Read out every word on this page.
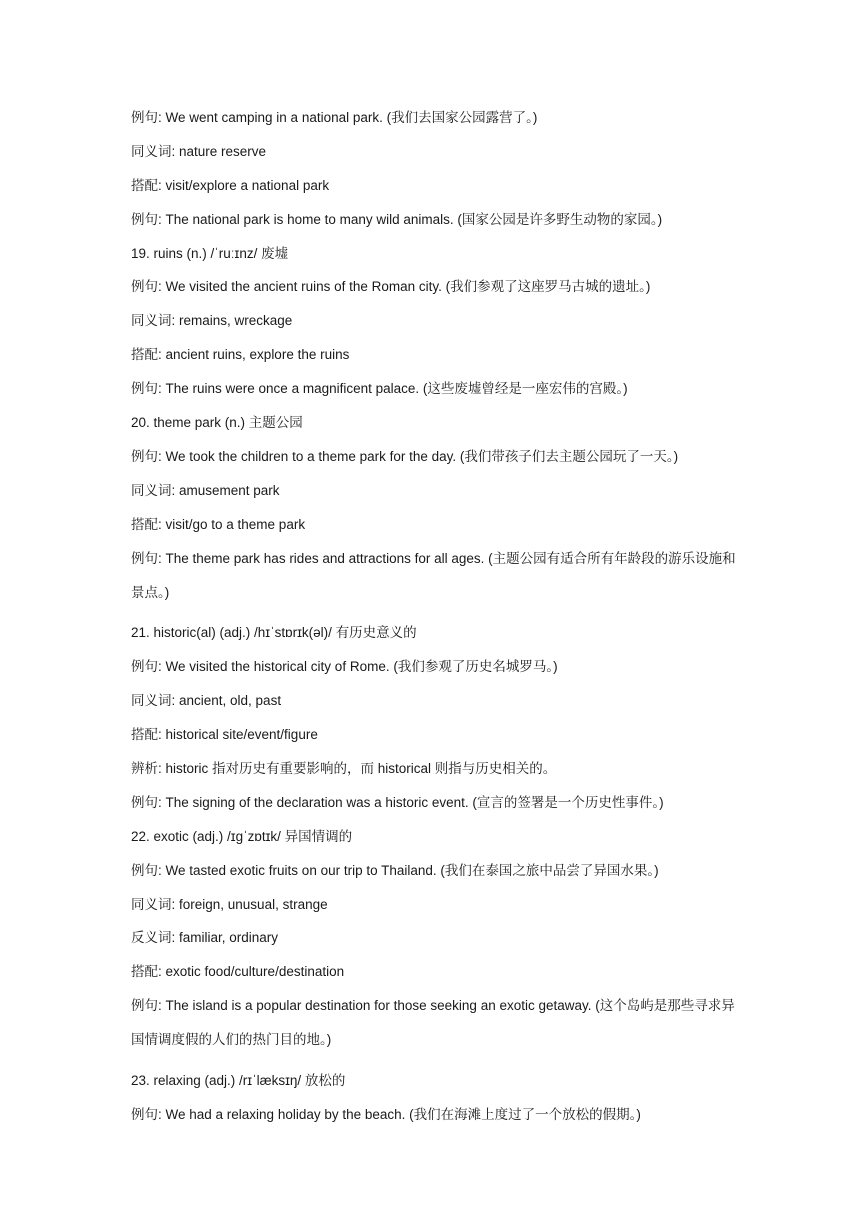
例句: We went camping in a national park. (我们去国家公园露营了。)
同义词: nature reserve
搭配: visit/explore a national park
例句: The national park is home to many wild animals. (国家公园是许多野生动物的家园。)
19. ruins (n.) /ˈruːɪnz/ 废墟
例句: We visited the ancient ruins of the Roman city. (我们参观了这座罗马古城的遗址。)
同义词: remains, wreckage
搭配: ancient ruins, explore the ruins
例句: The ruins were once a magnificent palace. (这些废墟曾经是一座宏伟的宫殿。)
20. theme park (n.) 主题公园
例句: We took the children to a theme park for the day. (我们带孩子们去主题公园玩了一天。)
同义词: amusement park
搭配: visit/go to a theme park
例句: The theme park has rides and attractions for all ages. (主题公园有适合所有年龄段的游乐设施和景点。)
21. historic(al) (adj.) /hɪˈstɒrɪk(əl)/ 有历史意义的
例句: We visited the historical city of Rome. (我们参观了历史名城罗马。)
同义词: ancient, old, past
搭配: historical site/event/figure
辨析: historic 指对历史有重要影响的，而 historical 则指与历史相关的。
例句: The signing of the declaration was a historic event. (宣言的签署是一个历史性事件。)
22. exotic (adj.) /ɪɡˈzɒtɪk/ 异国情调的
例句: We tasted exotic fruits on our trip to Thailand. (我们在泰国之旅中品尝了异国水果。)
同义词: foreign, unusual, strange
反义词: familiar, ordinary
搭配: exotic food/culture/destination
例句: The island is a popular destination for those seeking an exotic getaway. (这个岛屿是那些寻求异国情调度假的人们的热门目的地。)
23. relaxing (adj.) /rɪˈlæksɪŋ/ 放松的
例句: We had a relaxing holiday by the beach. (我们在海滩上度过了一个放松的假期。)
